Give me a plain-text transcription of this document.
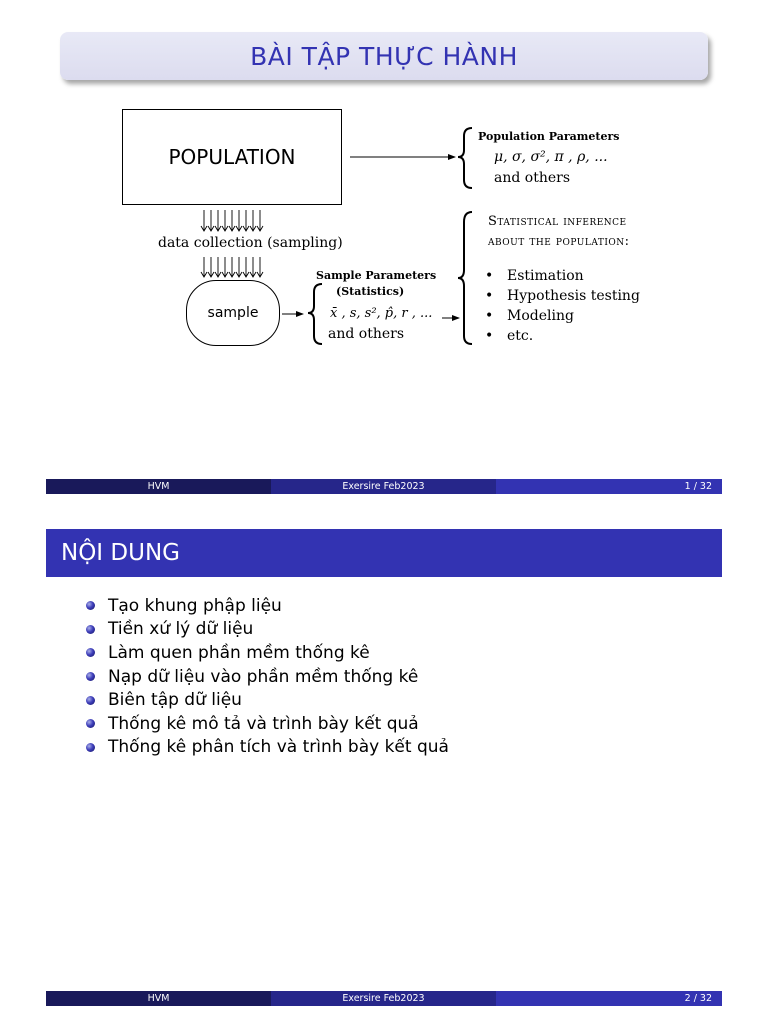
BÀI TẬP THỰC HÀNH
POPULATION
data collection (sampling)
sample
Population Parameters
μ, σ, σ², π , ρ, ...
and others
Sample Parameters
(Statistics)
x̄ , s, s², p̂, r , ...
and others
Statistical inference
about the population:
• Estimation
• Hypothesis testing
• Modeling
• etc.
HVM	Exersire Feb2023	1 / 32
NỘI DUNG
Tạo khung phập liệu
Tiền xứ lý dữ liệu
Làm quen phần mềm thống kê
Nạp dữ liệu vào phần mềm thống kê
Biên tập dữ liệu
Thống kê mô tả và trình bày kết quả
Thống kê phân tích và trình bày kết quả
HVM	Exersire Feb2023	2 / 32
